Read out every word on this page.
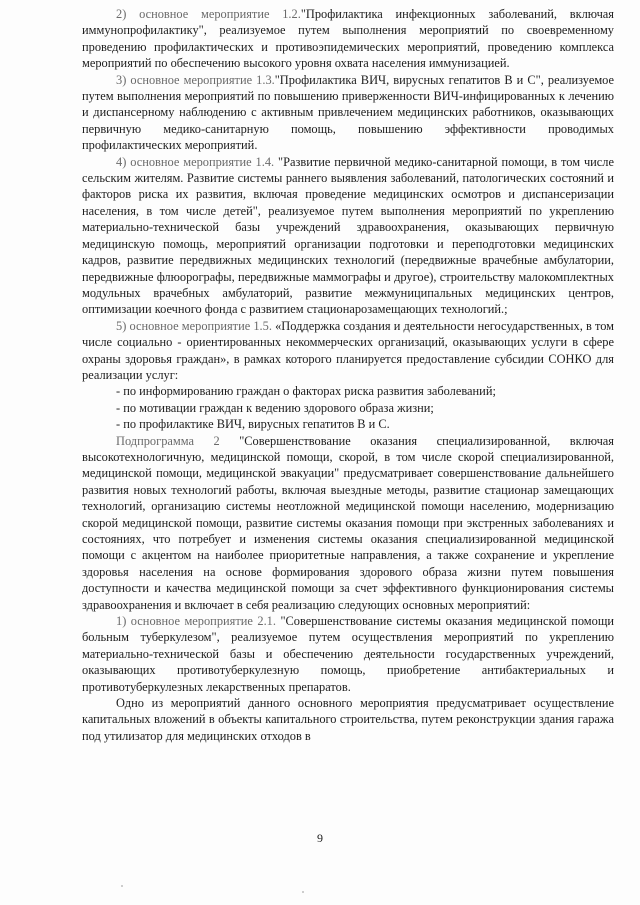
2) основное мероприятие 1.2."Профилактика инфекционных заболеваний, включая иммунопрофилактику", реализуемое путем выполнения мероприятий по своевременному проведению профилактических и противоэпидемических мероприятий, проведению комплекса мероприятий по обеспечению высокого уровня охвата населения иммунизацией.

3) основное мероприятие 1.3."Профилактика ВИЧ, вирусных гепатитов В и С", реализуемое путем выполнения мероприятий по повышению приверженности ВИЧ-инфицированных к лечению и диспансерному наблюдению с активным привлечением медицинских работников, оказывающих первичную медико-санитарную помощь, повышению эффективности проводимых профилактических мероприятий.

4) основное мероприятие 1.4. "Развитие первичной медико-санитарной помощи, в том числе сельским жителям. Развитие системы раннего выявления заболеваний, патологических состояний и факторов риска их развития, включая проведение медицинских осмотров и диспансеризации населения, в том числе детей", реализуемое путем выполнения мероприятий по укреплению материально-технической базы учреждений здравоохранения, оказывающих первичную медицинскую помощь, мероприятий организации подготовки и переподготовки медицинских кадров, развитие передвижных медицинских технологий (передвижные врачебные амбулатории, передвижные флюорографы, передвижные маммографы и другое), строительству малокомплектных модульных врачебных амбулаторий, развитие межмуниципальных медицинских центров, оптимизации коечного фонда с развитием стационарозамещающих технологий.;

5) основное мероприятие 1.5. «Поддержка создания и деятельности негосударственных, в том числе социально - ориентированных некоммерческих организаций, оказывающих услуги в сфере охраны здоровья граждан», в рамках которого планируется предоставление субсидии СОНКО для реализации услуг:

- по информированию граждан о факторах риска развития заболеваний;

- по мотивации граждан к ведению здорового образа жизни;

- по профилактике ВИЧ, вирусных гепатитов В и С.

Подпрограмма 2 "Совершенствование оказания специализированной, включая высокотехнологичную, медицинской помощи, скорой, в том числе скорой специализированной, медицинской помощи, медицинской эвакуации" предусматривает совершенствование дальнейшего развития новых технологий работы, включая выездные методы, развитие стационар замещающих технологий, организацию системы неотложной медицинской помощи населению, модернизацию скорой медицинской помощи, развитие системы оказания помощи при экстренных заболеваниях и состояниях, что потребует и изменения системы оказания специализированной медицинской помощи с акцентом на наиболее приоритетные направления, а также сохранение и укрепление здоровья населения на основе формирования здорового образа жизни путем повышения доступности и качества медицинской помощи за счет эффективного функционирования системы здравоохранения и включает в себя реализацию следующих основных мероприятий:

1) основное мероприятие 2.1. "Совершенствование системы оказания медицинской помощи больным туберкулезом", реализуемое путем осуществления мероприятий по укреплению материально-технической базы и обеспечению деятельности государственных учреждений, оказывающих противотуберкулезную помощь, приобретение антибактериальных и противотуберкулезных лекарственных препаратов.

Одно из мероприятий данного основного мероприятия предусматривает осуществление капитальных вложений в объекты капитального строительства, путем реконструкции здания гаража под утилизатор для медицинских отходов в

9
